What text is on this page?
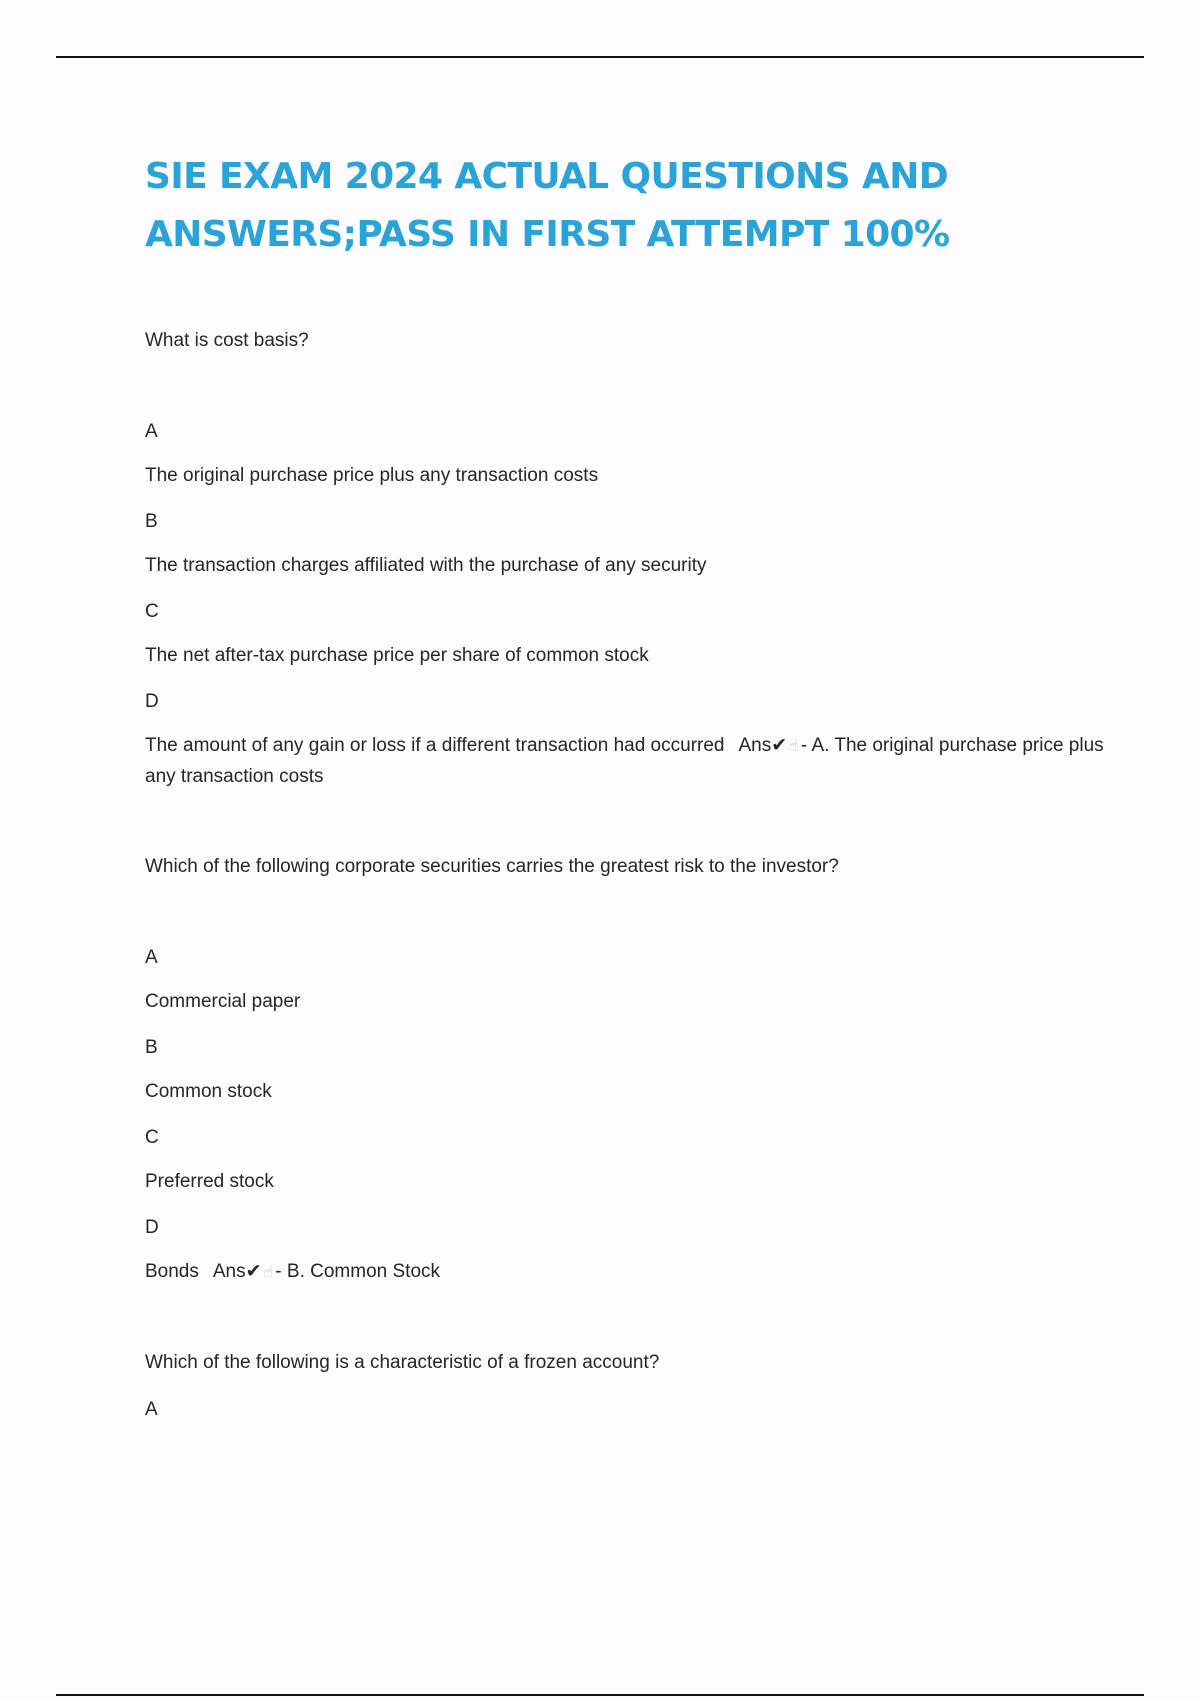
SIE EXAM 2024 ACTUAL QUESTIONS AND ANSWERS;PASS IN FIRST ATTEMPT 100%

What is cost basis?

A

The original purchase price plus any transaction costs

B

The transaction charges affiliated with the purchase of any security

C

The net after-tax purchase price per share of common stock

D

The amount of any gain or loss if a different transaction had occurred Ans✔ ☝ - A. The original purchase price plus any transaction costs

Which of the following corporate securities carries the greatest risk to the investor?

A

Commercial paper

B

Common stock

C

Preferred stock

D

Bonds Ans✔ ☝ - B. Common Stock

Which of the following is a characteristic of a frozen account?

A
